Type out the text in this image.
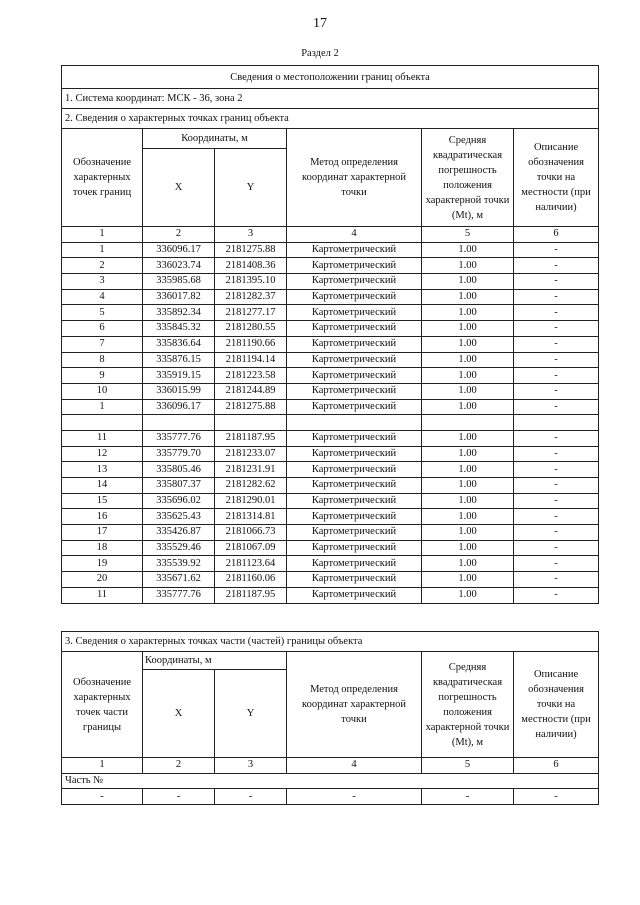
17
Раздел 2
Сведения о местоположении границ объекта					
1. Система координат: МСК - 36, зона 2					
2. Сведения о характерных точках границ объекта					
Обозначение характерных точек границ	Координаты, м		Метод определения координат характерной точки	Средняя квадратическая погрешность положения характерной точки (Mt), м	Описание обозначения точки на местности (при наличии)
	X	Y			
1	2	3	4	5	6
1	336096.17	2181275.88	Картометрический	1.00	-
2	336023.74	2181408.36	Картометрический	1.00	-
3	335985.68	2181395.10	Картометрический	1.00	-
4	336017.82	2181282.37	Картометрический	1.00	-
5	335892.34	2181277.17	Картометрический	1.00	-
6	335845.32	2181280.55	Картометрический	1.00	-
7	335836.64	2181190.66	Картометрический	1.00	-
8	335876.15	2181194.14	Картометрический	1.00	-
9	335919.15	2181223.58	Картометрический	1.00	-
10	336015.99	2181244.89	Картометрический	1.00	-
1	336096.17	2181275.88	Картометрический	1.00	-

11	335777.76	2181187.95	Картометрический	1.00	-
12	335779.70	2181233.07	Картометрический	1.00	-
13	335805.46	2181231.91	Картометрический	1.00	-
14	335807.37	2181282.62	Картометрический	1.00	-
15	335696.02	2181290.01	Картометрический	1.00	-
16	335625.43	2181314.81	Картометрический	1.00	-
17	335426.87	2181066.73	Картометрический	1.00	-
18	335529.46	2181067.09	Картометрический	1.00	-
19	335539.92	2181123.64	Картометрический	1.00	-
20	335671.62	2181160.06	Картометрический	1.00	-
11	335777.76	2181187.95	Картометрический	1.00	-
3. Сведения о характерных точках части (частей) границы объекта					
Обозначение характерных точек части границы	Координаты, м		Метод определения координат характерной точки	Средняя квадратическая погрешность положения характерной точки (Mt), м	Описание обозначения точки на местности (при наличии)
	X	Y			
1	2	3	4	5	6
Часть №					
-	-	-	-	-	-
